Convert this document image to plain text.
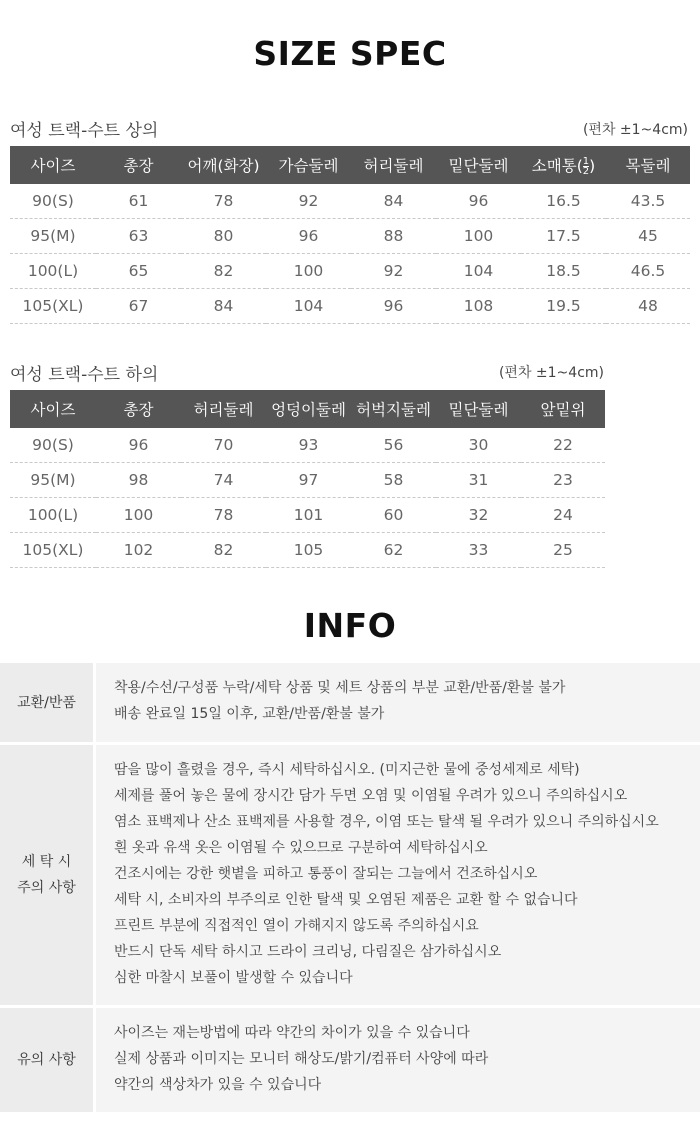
SIZE SPEC
여성 트랙-수트 상의	(편차 ±1~4cm)
사이즈	총장	어깨(화장)	가슴둘레	허리둘레	밑단둘레	소매통( $\frac{1}{2}$ )	목둘레
90(S)	61	78	92	84	96	16.5	43.5
95(M)	63	80	96	88	100	17.5	45
100(L)	65	82	100	92	104	18.5	46.5
105(XL)	67	84	104	96	108	19.5	48
여성 트랙-수트 하의	(편차 ±1~4cm)
사이즈	총장	허리둘레	엉덩이둘레	허벅지둘레	밑단둘레	앞밑위
90(S)	96	70	93	56	30	22
95(M)	98	74	97	58	31	23
100(L)	100	78	101	60	32	24
105(XL)	102	82	105	62	33	25
INFO
교환/반품
착용/수선/구성품 누락/세탁 상품 및 세트 상품의 부분 교환/반품/환불 불가
배송 완료일 15일 이후, 교환/반품/환불 불가
세 탁 시
주의 사항
땀을 많이 흘렸을 경우, 즉시 세탁하십시오. (미지근한 물에 중성세제로 세탁)
세제를 풀어 놓은 물에 장시간 담가 두면 오염 및 이염될 우려가 있으니 주의하십시오
염소 표백제나 산소 표백제를 사용할 경우, 이염 또는 탈색 될 우려가 있으니 주의하십시오
흰 옷과 유색 옷은 이염될 수 있으므로 구분하여 세탁하십시오
건조시에는 강한 햇볕을 피하고 통풍이 잘되는 그늘에서 건조하십시오
세탁 시, 소비자의 부주의로 인한 탈색 및 오염된 제품은 교환 할 수 없습니다
프린트 부분에 직접적인 열이 가해지지 않도록 주의하십시요
반드시 단독 세탁 하시고 드라이 크리닝, 다림질은 삼가하십시오
심한 마찰시 보풀이 발생할 수 있습니다
유의 사항
사이즈는 재는방법에 따라 약간의 차이가 있을 수 있습니다
실제 상품과 이미지는 모니터 해상도/밝기/컴퓨터 사양에 따라
약간의 색상차가 있을 수 있습니다
